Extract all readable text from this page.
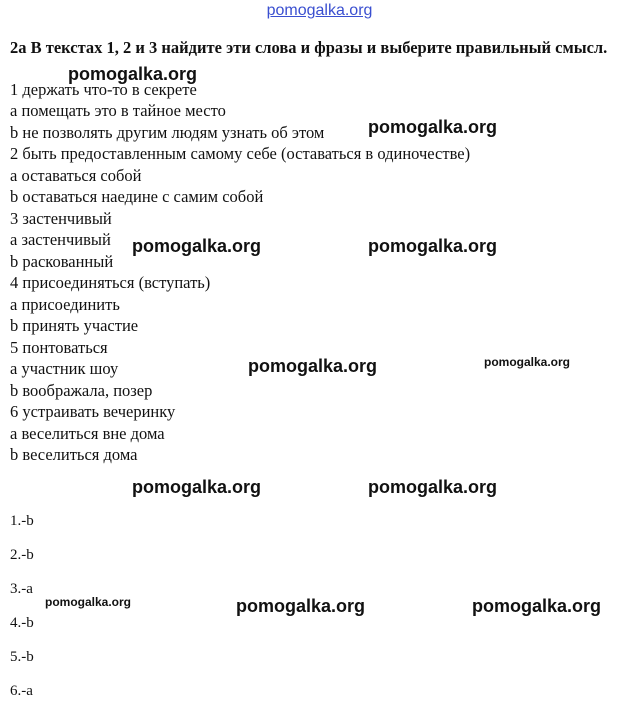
pomogalka.org
2a В текстах 1, 2 и 3 найдите эти слова и фразы и выберите правильный смысл.
1 держать что-то в секрете
a помещать это в тайное место
b не позволять другим людям узнать об этом
2 быть предоставленным самому себе (оставаться в одиночестве)
a оставаться собой
b оставаться наедине с самим собой
3 застенчивый
a застенчивый
b раскованный
4 присоединяться (вступать)
a присоединить
b принять участие
5 понтоваться
a участник шоу
b воображала, позер
6 устраивать вечеринку
a веселиться вне дома
b веселиться дома
1.-b
2.-b
3.-a
4.-b
5.-b
6.-a
pomogalka.org
pomogalka.org
pomogalka.org	pomogalka.org
pomogalka.org	pomogalka.org
pomogalka.org	pomogalka.org
pomogalka.org	pomogalka.org	pomogalka.org
